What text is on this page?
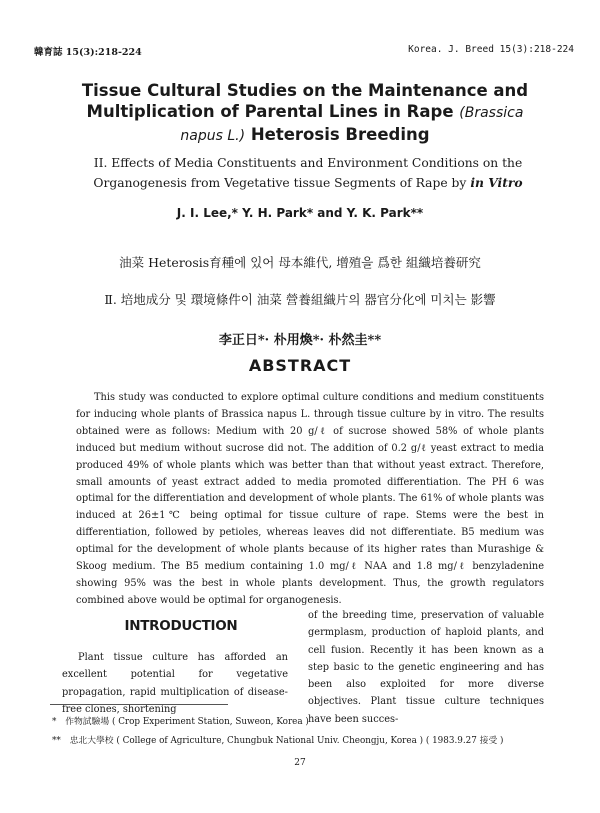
韓育誌 15(3):218-224	Korea. J. Breed 15(3):218-224
Tissue Cultural Studies on the Maintenance and Multiplication of Parental Lines in Rape (Brassica napus L.) Heterosis Breeding
II. Effects of Media Constituents and Environment Conditions on the Organogenesis from Vegetative tissue Segments of Rape by in Vitro
J. I. Lee,* Y. H. Park* and Y. K. Park**
油菜 Heterosis育種에 있어 母本維代, 增殖을 爲한 組織培養研究
Ⅱ. 培地成分 및 環境條件이 油菜 營養組織片의 器官分化에 미치는 影響
李正日*· 朴用煥*· 朴然圭**
ABSTRACT
This study was conducted to explore optimal culture conditions and medium constituents for inducing whole plants of Brassica napus L. through tissue culture by in vitro. The results obtained were as follows: Medium with 20 g/ℓ of sucrose showed 58% of whole plants induced but medium without sucrose did not. The addition of 0.2 g/ℓ yeast extract to media produced 49% of whole plants which was better than that without yeast extract. Therefore, small amounts of yeast extract added to media promoted differentiation. The PH 6 was optimal for the differentiation and development of whole plants. The 61% of whole plants was induced at 26±1℃ being optimal for tissue culture of rape. Stems were the best in differentiation, followed by petioles, whereas leaves did not differentiate. B5 medium was optimal for the development of whole plants because of its higher rates than Murashige & Skoog medium. The B5 medium containing 1.0 mg/ℓ NAA and 1.8 mg/ℓ benzyladenine showing 95% was the best in whole plants development. Thus, the growth regulators combined above would be optimal for organogenesis.
INTRODUCTION
Plant tissue culture has afforded an excellent potential for vegetative propagation, rapid multiplication of disease-free clones, shortening
of the breeding time, preservation of valuable germplasm, production of haploid plants, and cell fusion. Recently it has been known as a step basic to the genetic engineering and has been also exploited for more diverse objectives. Plant tissue culture techniques have been succes-
*　作物試驗場 ( Crop Experiment Station, Suweon, Korea )
**　忠北大學校 ( College of Agriculture, Chungbuk National Univ. Cheongju, Korea ) ( 1983.9.27 接受 )
27
